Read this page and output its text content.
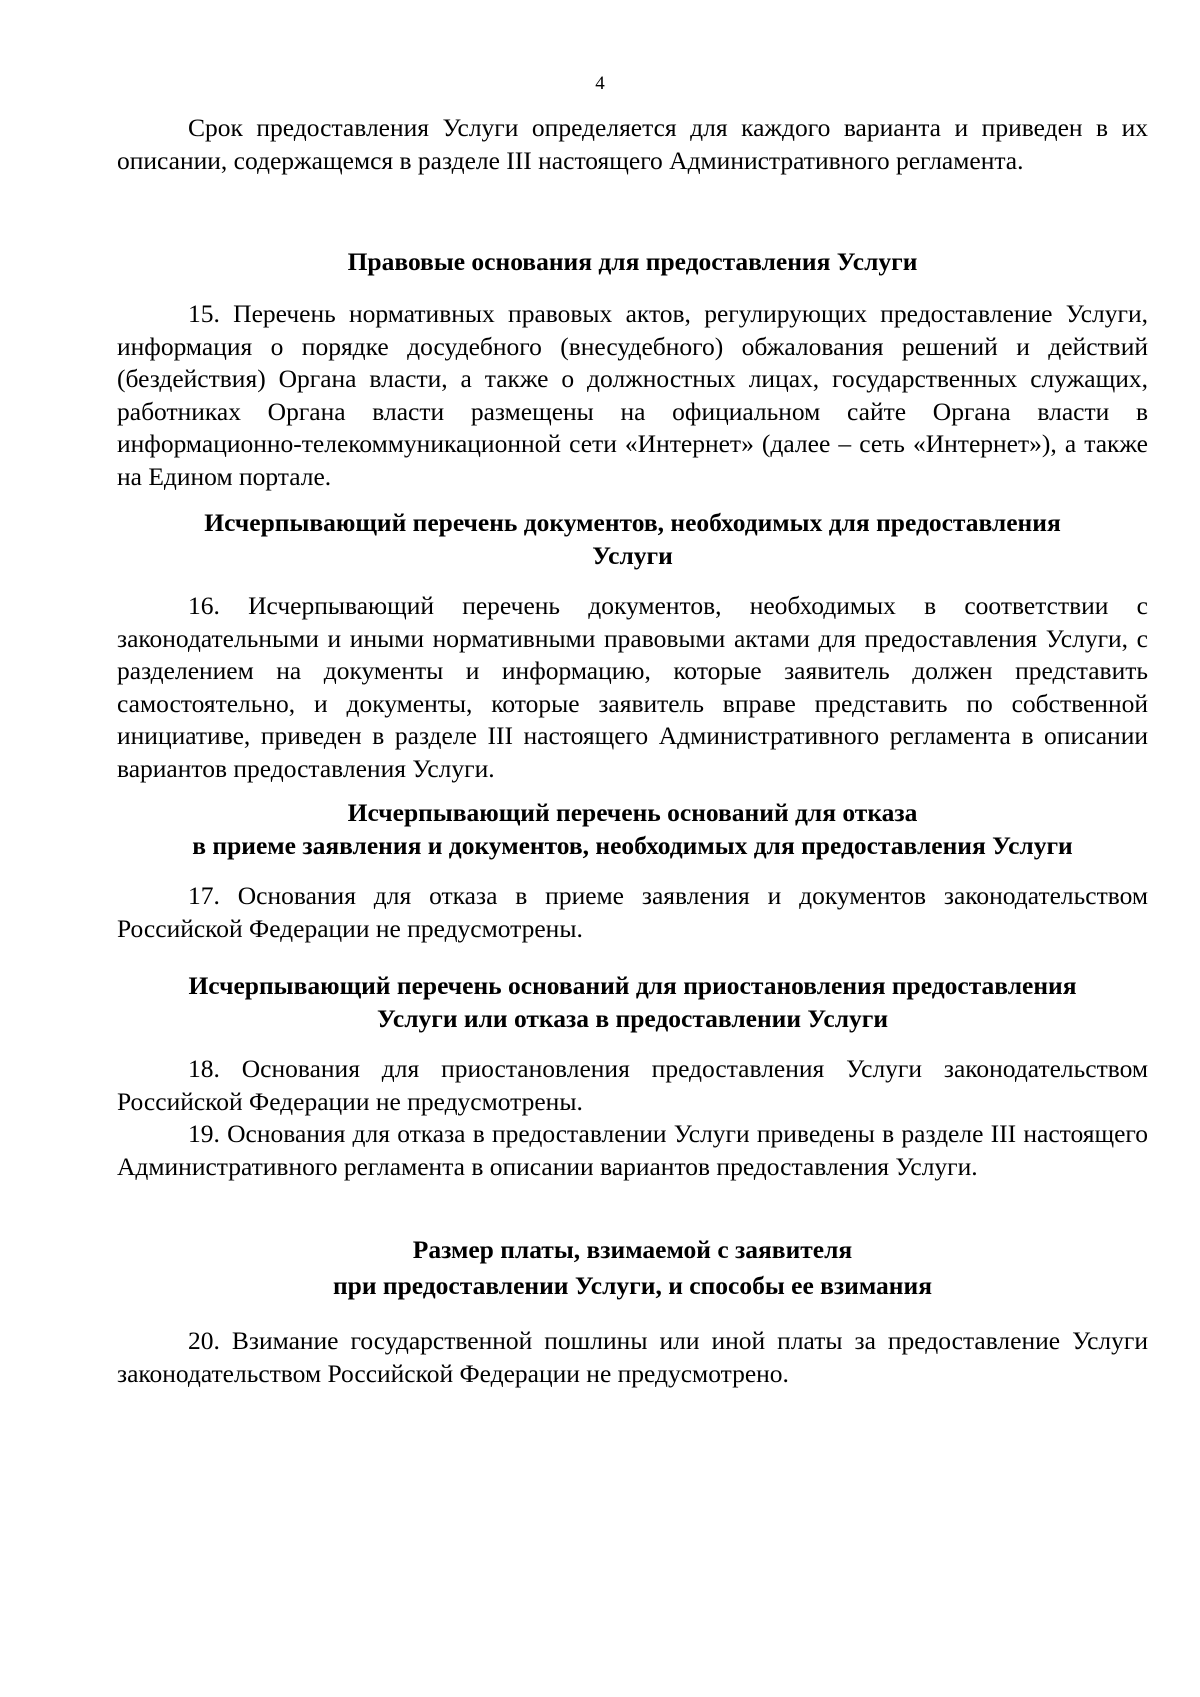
4

Срок предоставления Услуги определяется для каждого варианта и приведен в их описании, содержащемся в разделе III настоящего Административного регламента.

Правовые основания для предоставления Услуги

15. Перечень нормативных правовых актов, регулирующих предоставление Услуги, информация о порядке досудебного (внесудебного) обжалования решений и действий (бездействия) Органа власти, а также о должностных лицах, государственных служащих, работниках Органа власти размещены на официальном сайте Органа власти в информационно-телекоммуникационной сети «Интернет» (далее – сеть «Интернет»), а также на Едином портале.

Исчерпывающий перечень документов, необходимых для предоставления
Услуги

16. Исчерпывающий перечень документов, необходимых в соответствии с законодательными и иными нормативными правовыми актами для предоставления Услуги, с разделением на документы и информацию, которые заявитель должен представить самостоятельно, и документы, которые заявитель вправе представить по собственной инициативе, приведен в разделе III настоящего Административного регламента в описании вариантов предоставления Услуги.

Исчерпывающий перечень оснований для отказа
в приеме заявления и документов, необходимых для предоставления Услуги

17. Основания для отказа в приеме заявления и документов законодательством Российской Федерации не предусмотрены.

Исчерпывающий перечень оснований для приостановления предоставления
Услуги или отказа в предоставлении Услуги

18. Основания для приостановления предоставления Услуги законодательством Российской Федерации не предусмотрены.

19. Основания для отказа в предоставлении Услуги приведены в разделе III настоящего Административного регламента в описании вариантов предоставления Услуги.

Размер платы, взимаемой с заявителя
при предоставлении Услуги, и способы ее взимания

20. Взимание государственной пошлины или иной платы за предоставление Услуги законодательством Российской Федерации не предусмотрено.
